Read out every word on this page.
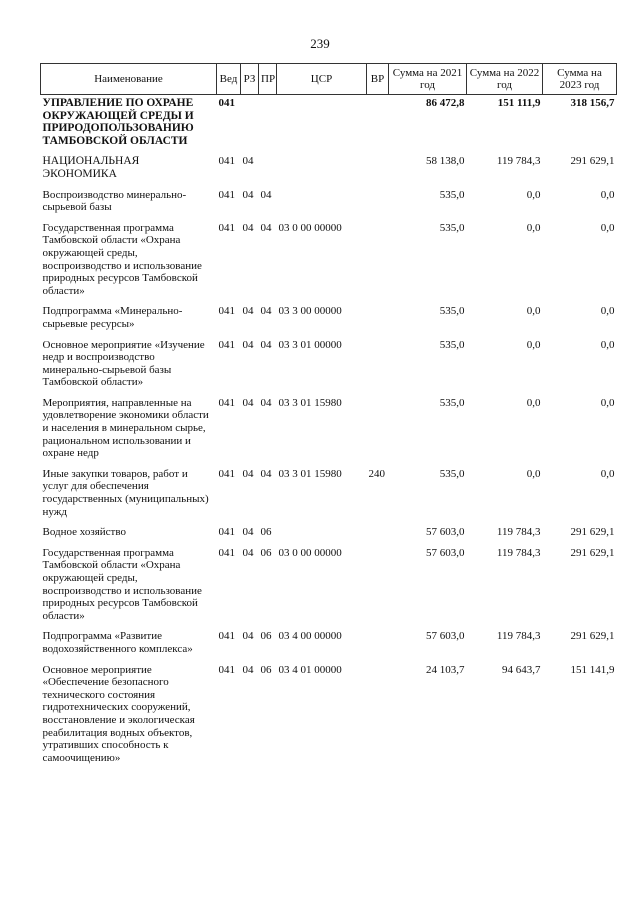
239
Наименование	Вед	РЗ	ПР	ЦСР	ВР	Сумма на 2021 год	Сумма на 2022 год	Сумма на 2023 год
УПРАВЛЕНИЕ ПО ОХРАНЕ ОКРУЖАЮЩЕЙ СРЕДЫ И ПРИРОДОПОЛЬЗОВАНИЮ ТАМБОВСКОЙ ОБЛАСТИ	041					86 472,8	151 111,9	318 156,7
НАЦИОНАЛЬНАЯ ЭКОНОМИКА	041	04				58 138,0	119 784,3	291 629,1
Воспроизводство минерально-сырьевой базы	041	04	04			535,0	0,0	0,0
Государственная программа Тамбовской области «Охрана окружающей среды, воспроизводство и использование природных ресурсов Тамбовской области»	041	04	04	03 0 00 00000		535,0	0,0	0,0
Подпрограмма «Минерально-сырьевые ресурсы»	041	04	04	03 3 00 00000		535,0	0,0	0,0
Основное мероприятие «Изучение недр и воспроизводство минерально-сырьевой базы Тамбовской области»	041	04	04	03 3 01 00000		535,0	0,0	0,0
Мероприятия, направленные на удовлетворение экономики области и населения в минеральном сырье, рациональном использовании и охране недр	041	04	04	03 3 01 15980		535,0	0,0	0,0
Иные закупки товаров, работ и услуг для обеспечения государственных (муниципальных) нужд	041	04	04	03 3 01 15980	240	535,0	0,0	0,0
Водное хозяйство	041	04	06			57 603,0	119 784,3	291 629,1
Государственная программа Тамбовской области «Охрана окружающей среды, воспроизводство и использование природных ресурсов Тамбовской области»	041	04	06	03 0 00 00000		57 603,0	119 784,3	291 629,1
Подпрограмма «Развитие водохозяйственного комплекса»	041	04	06	03 4 00 00000		57 603,0	119 784,3	291 629,1
Основное мероприятие «Обеспечение безопасного технического состояния гидротехнических сооружений, восстановление и экологическая реабилитация водных объектов, утративших способность к самоочищению»	041	04	06	03 4 01 00000		24 103,7	94 643,7	151 141,9
